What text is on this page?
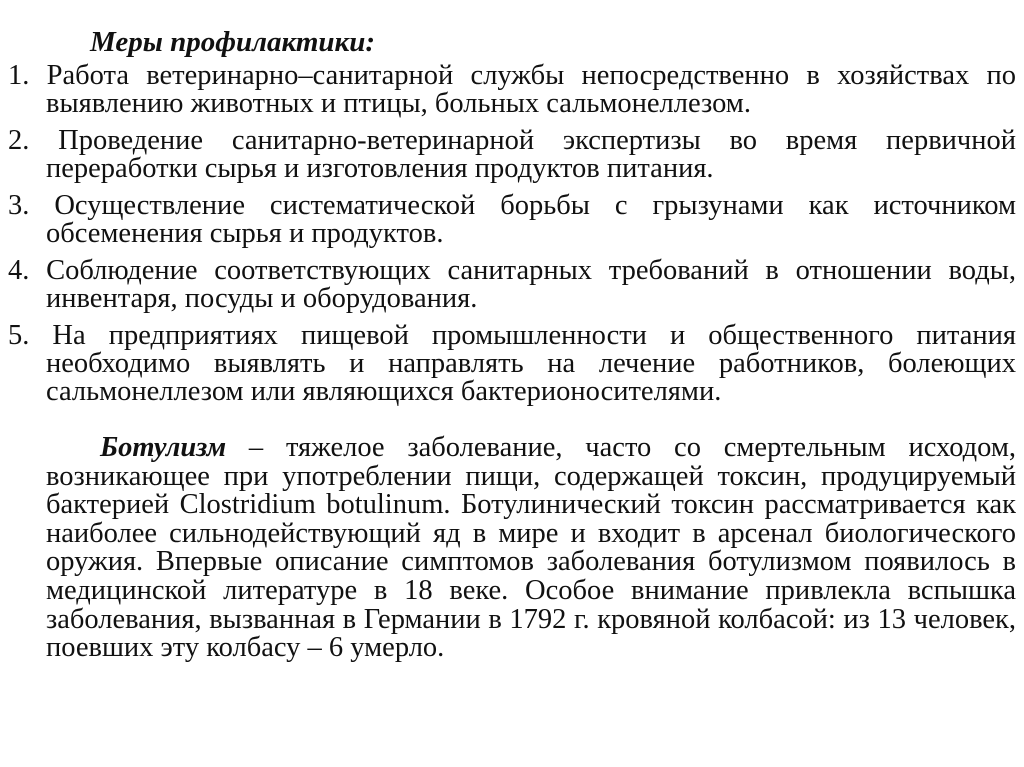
Меры профилактики:

1. Работа ветеринарно–санитарной службы непосредственно в хозяйствах по выявлению животных и птицы, больных сальмонеллезом.
2. Проведение санитарно-ветеринарной экспертизы во время первичной переработки сырья и изготовления продуктов питания.
3. Осуществление систематической борьбы с грызунами как источником обсеменения сырья и продуктов.
4. Соблюдение соответствующих санитарных требований в отношении воды, инвентаря, посуды и оборудования.
5. На предприятиях пищевой промышленности и общественного питания необходимо выявлять и направлять на лечение работников, болеющих сальмонеллезом или являющихся бактерионосителями.

Ботулизм – тяжелое заболевание, часто со смертельным исходом, возникающее при употреблении пищи, содержащей токсин, продуцируемый бактерией Clostridium botulinum. Ботулинический токсин рассматривается как наиболее сильнодействующий яд в мире и входит в арсенал биологического оружия. Впервые описание симптомов заболевания ботулизмом появилось в медицинской литературе в 18 веке. Особое внимание привлекла вспышка заболевания, вызванная в Германии в 1792 г. кровяной колбасой: из 13 человек, поевших эту колбасу – 6 умерло.
